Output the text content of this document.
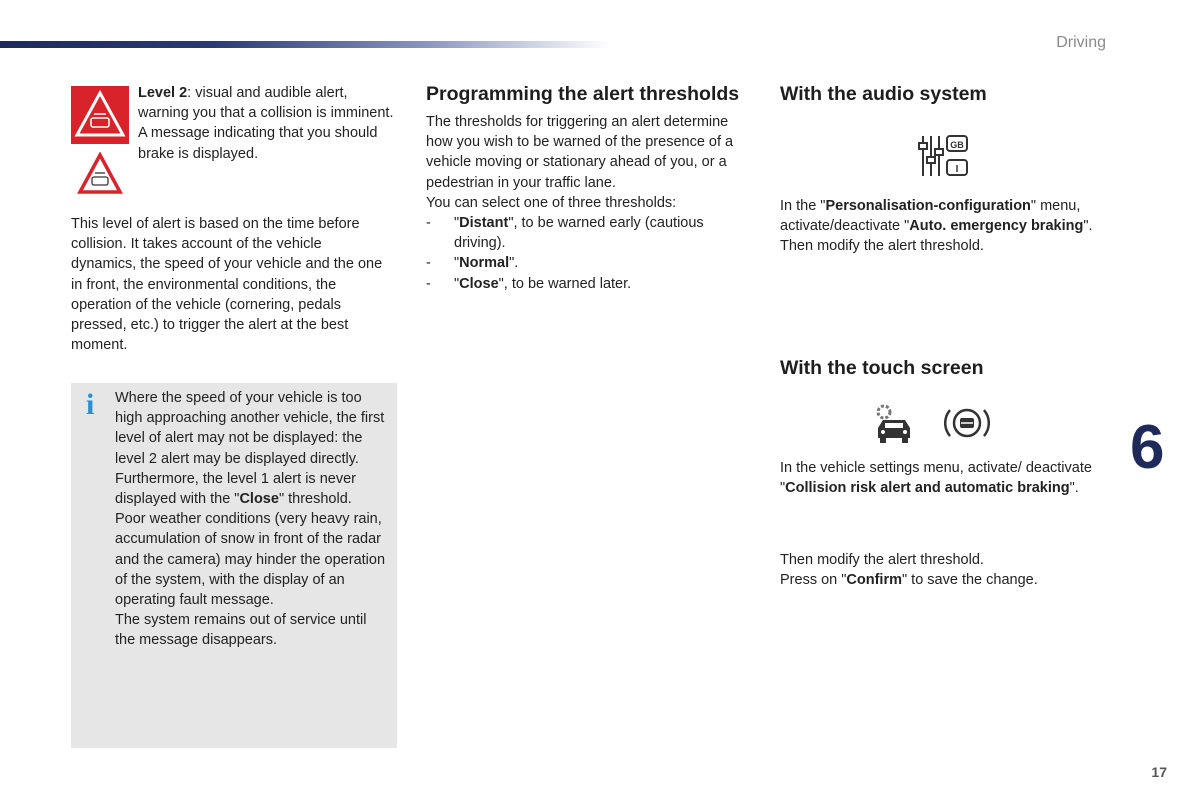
Driving
6
17

Level 2: visual and audible alert, warning you that a collision is imminent.

A message indicating that you should brake is displayed.

This level of alert is based on the time before collision. It takes account of the vehicle dynamics, the speed of your vehicle and the one in front, the environmental conditions, the operation of the vehicle (cornering, pedals pressed, etc.) to trigger the alert at the best moment.

i Where the speed of your vehicle is too high approaching another vehicle, the first level of alert may not be displayed: the level 2 alert may be displayed directly.

Furthermore, the level 1 alert is never displayed with the "Close" threshold.

Poor weather conditions (very heavy rain, accumulation of snow in front of the radar and the camera) may hinder the operation of the system, with the display of an operating fault message.

The system remains out of service until the message disappears.

Programming the alert thresholds

The thresholds for triggering an alert determine how you wish to be warned of the presence of a vehicle moving or stationary ahead of you, or a pedestrian in your traffic lane.

You can select one of three thresholds:

- "Distant", to be warned early (cautious driving).
- "Normal".
- "Close", to be warned later.
With the audio system
GB
I

In the "Personalisation-configuration" menu, activate/deactivate "Auto. emergency braking".

Then modify the alert threshold.

With the touch screen

In the vehicle settings menu, activate/ deactivate "Collision risk alert and automatic braking".

Then modify the alert threshold.

Press on "Confirm" to save the change.
